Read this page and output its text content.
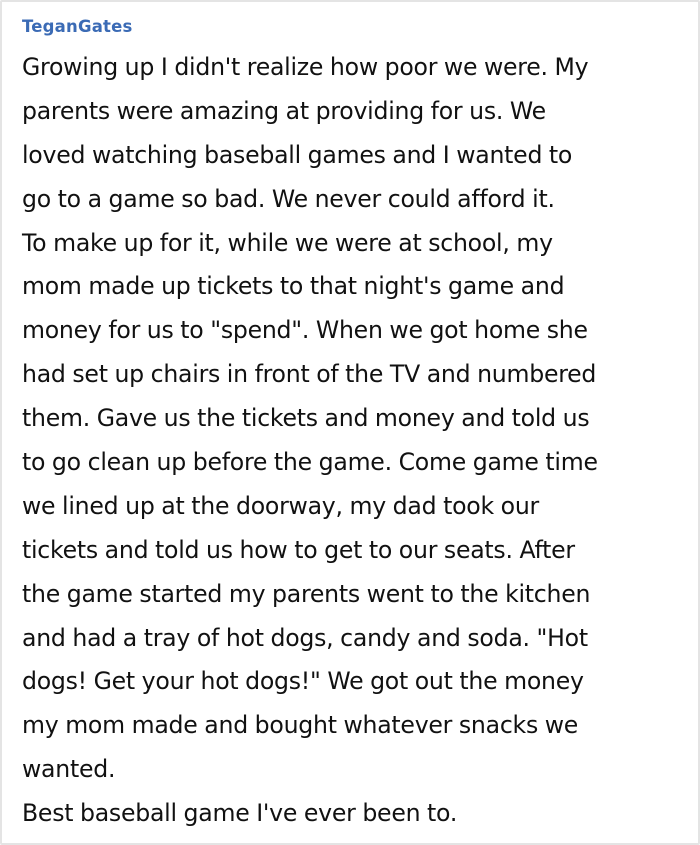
TeganGates
Growing up I didn't realize how poor we were. My
parents were amazing at providing for us. We
loved watching baseball games and I wanted to
go to a game so bad. We never could afford it.
To make up for it, while we were at school, my
mom made up tickets to that night's game and
money for us to "spend". When we got home she
had set up chairs in front of the TV and numbered
them. Gave us the tickets and money and told us
to go clean up before the game. Come game time
we lined up at the doorway, my dad took our
tickets and told us how to get to our seats. After
the game started my parents went to the kitchen
and had a tray of hot dogs, candy and soda. "Hot
dogs! Get your hot dogs!" We got out the money
my mom made and bought whatever snacks we
wanted.
Best baseball game I've ever been to.
